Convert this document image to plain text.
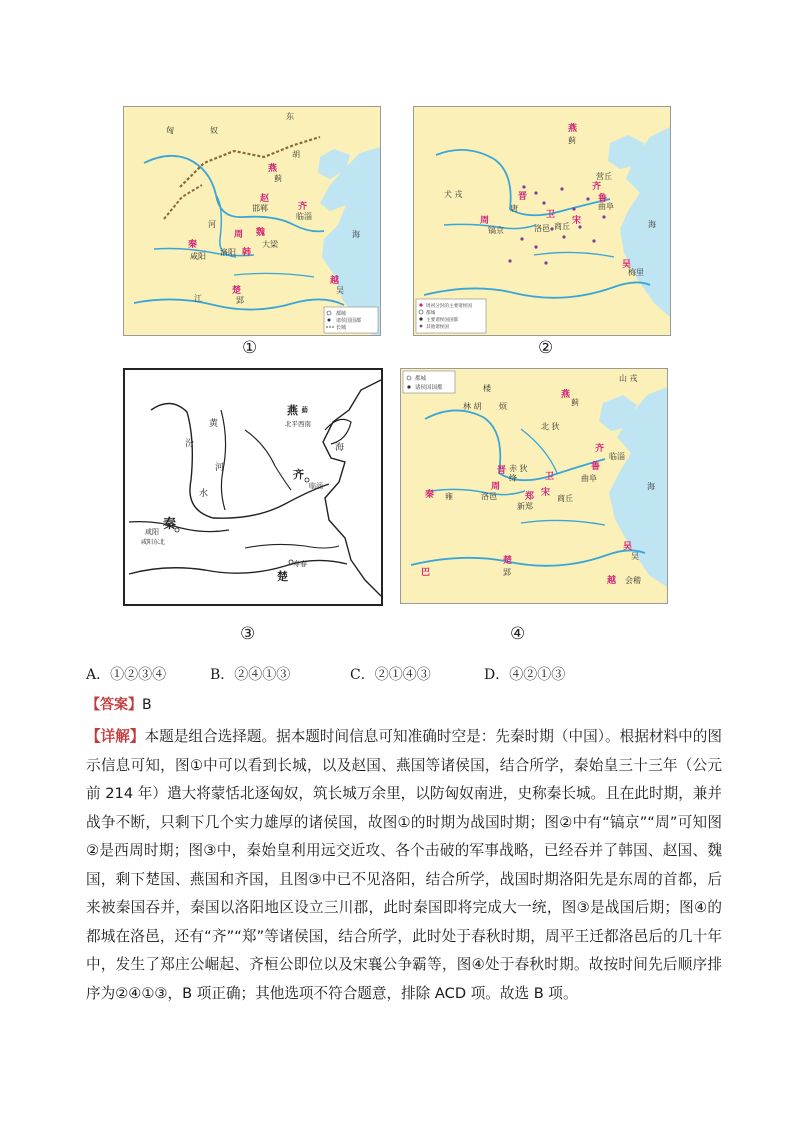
匈	奴
东
胡
蓟
邯郸
临淄
大梁
洛阳
咸阳
郢
吴
河
江
海
燕
赵
齐
周 魏
韩
秦
楚
越
都城
诸侯国国都
长城
①
蓟
犬 戎
镐京
唐
营丘
曲阜
商丘
洛邑
梅里
海
燕
周
晋
卫
齐
鲁
宋
吴
周初分封的主要诸侯国
都城
主要诸侯国国都
其他诸侯国
②
黄
河
汾
水
燕 蓟
北平西南
齐
临淄
秦
咸阳
咸阳东北
楚
寿春
海
③
都城
诸侯国国都
山 戎
楼
林 胡 烦	蓟
赤 狄
北 狄
绛
洛邑
临淄
曲阜
商丘
新郑
雍
郢
吴
会稽
海
燕
晋
周
卫
齐
鲁
宋
郑
秦
楚
巴
吴
越
④
A．①②③④	B．②④①③	C．②①④③	D．④②①③
【答案】B
【详解】本题是组合选择题。据本题时间信息可知准确时空是：先秦时期（中国）。根据材料中的图示信息可知，图①中可以看到长城，以及赵国、燕国等诸侯国，结合所学，秦始皇三十三年（公元前 214 年）遣大将蒙恬北逐匈奴，筑长城万余里，以防匈奴南进，史称秦长城。且在此时期，兼并战争不断，只剩下几个实力雄厚的诸侯国，故图①的时期为战国时期；图②中有“镐京”“周”可知图②是西周时期；图③中，秦始皇利用远交近攻、各个击破的军事战略，已经吞并了韩国、赵国、魏国，剩下楚国、燕国和齐国，且图③中已不见洛阳，结合所学，战国时期洛阳先是东周的首都，后来被秦国吞并，秦国以洛阳地区设立三川郡，此时秦国即将完成大一统，图③是战国后期；图④的都城在洛邑，还有“齐”“郑”等诸侯国，结合所学，此时处于春秋时期，周平王迁都洛邑后的几十年中，发生了郑庄公崛起、齐桓公即位以及宋襄公争霸等，图④处于春秋时期。故按时间先后顺序排序为②④①③，B 项正确；其他选项不符合题意，排除 ACD 项。故选 B 项。
